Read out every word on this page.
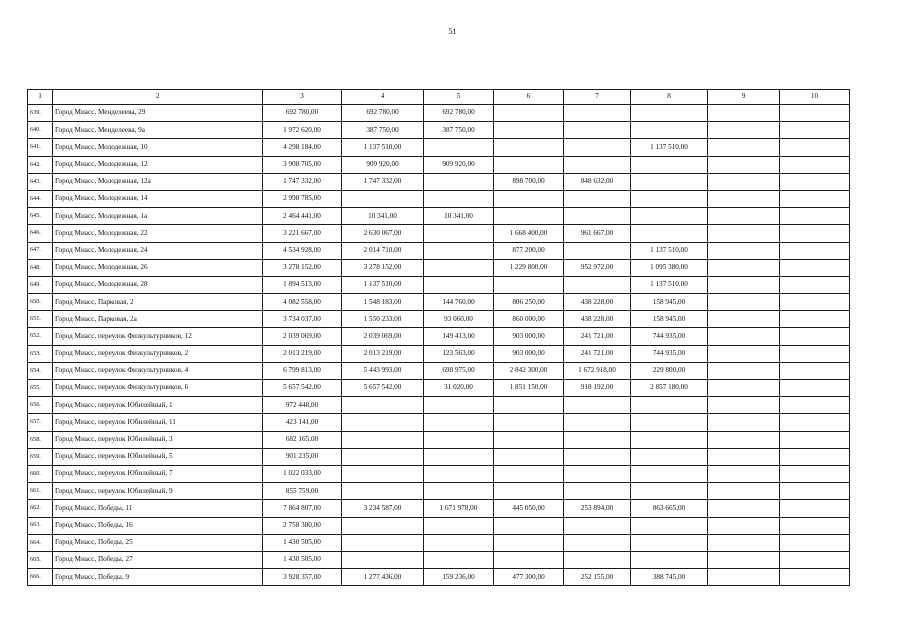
51
1	2	3	4	5	6	7	8	9	10
639.	Город Миасс, Менделеева, 29	692 780,00	692 780,00	692 780,00					
640.	Город Миасс, Менделеева, 9а	1 972 620,00	387 750,00	387 750,00					
641.	Город Миасс, Молодежная, 10	4 298 184,00	1 137 510,00				1 137 510,00		
642.	Город Миасс, Молодежная, 12	3 908 705,00	909 920,00	909 920,00					
643.	Город Миасс, Молодежная, 12а	1 747 332,00	1 747 332,00		898 700,00	848 632,00			
644.	Город Миасс, Молодежная, 14	2 998 785,00							
645.	Город Миасс, Молодежная, 1а	2 464 441,00	10 341,00	10 341,00					
646.	Город Миасс, Молодежная, 22	3 221 667,00	2 630 067,00		1 668 400,00	961 667,00			
647.	Город Миасс, Молодежная, 24	4 534 928,00	2 014 710,00		877 200,00		1 137 510,00		
648.	Город Миасс, Молодежная, 26	3 278 152,00	3 278 152,00		1 229 800,00	952 972,00	1 095 380,00		
649.	Город Миасс, Молодежная, 28	1 894 513,00	1 137 510,00				1 137 510,00		
650.	Город Миасс, Парковая, 2	4 082 558,00	1 548 183,00	144 760,00	806 250,00	438 228,00	158 945,00		
651.	Город Миасс, Парковая, 2а	3 734 037,00	1 550 233,00	93 060,00	860 000,00	438 228,00	158 945,00		
652.	Город Миасс, переулок Физкультурников, 12	2 039 069,00	2 039 069,00	149 413,00	903 000,00	241 721,00	744 935,00		
653.	Город Миасс, переулок Физкультурников, 2	2 013 219,00	2 013 219,00	123 563,00	903 000,00	241 721,00	744 935,00		
654.	Город Миасс, переулок Физкультурников, 4	6 799 813,00	5 443 993,00	698 975,00	2 842 300,00	1 672 918,00	229 800,00		
655.	Город Миасс, переулок Физкультурников, 6	5 657 542,00	5 657 542,00	31 020,00	1 851 150,00	918 192,00	2 857 180,00		
656.	Город Миасс, переулок Юбилейный, 1	972 448,00							
657.	Город Миасс, переулок Юбилейный, 11	423 141,00							
658.	Город Миасс, переулок Юбилейный, 3	682 165,00							
659.	Город Миасс, переулок Юбилейный, 5	901 235,00							
660.	Город Миасс, переулок Юбилейный, 7	1 022 033,00							
661.	Город Миасс, переулок Юбилейный, 9	855 759,00							
662.	Город Миасс, Победы, 11	7 864 807,00	3 234 587,00	1 671 978,00	445 050,00	253 894,00	863 665,00		
663.	Город Миасс, Победы, 16	2 758 380,00							
664.	Город Миасс, Победы, 25	1 430 505,00							
665.	Город Миасс, Победы, 27	1 430 505,00							
666.	Город Миасс, Победы, 9	3 928 357,00	1 277 436,00	159 236,00	477 300,00	252 155,00	388 745,00		
